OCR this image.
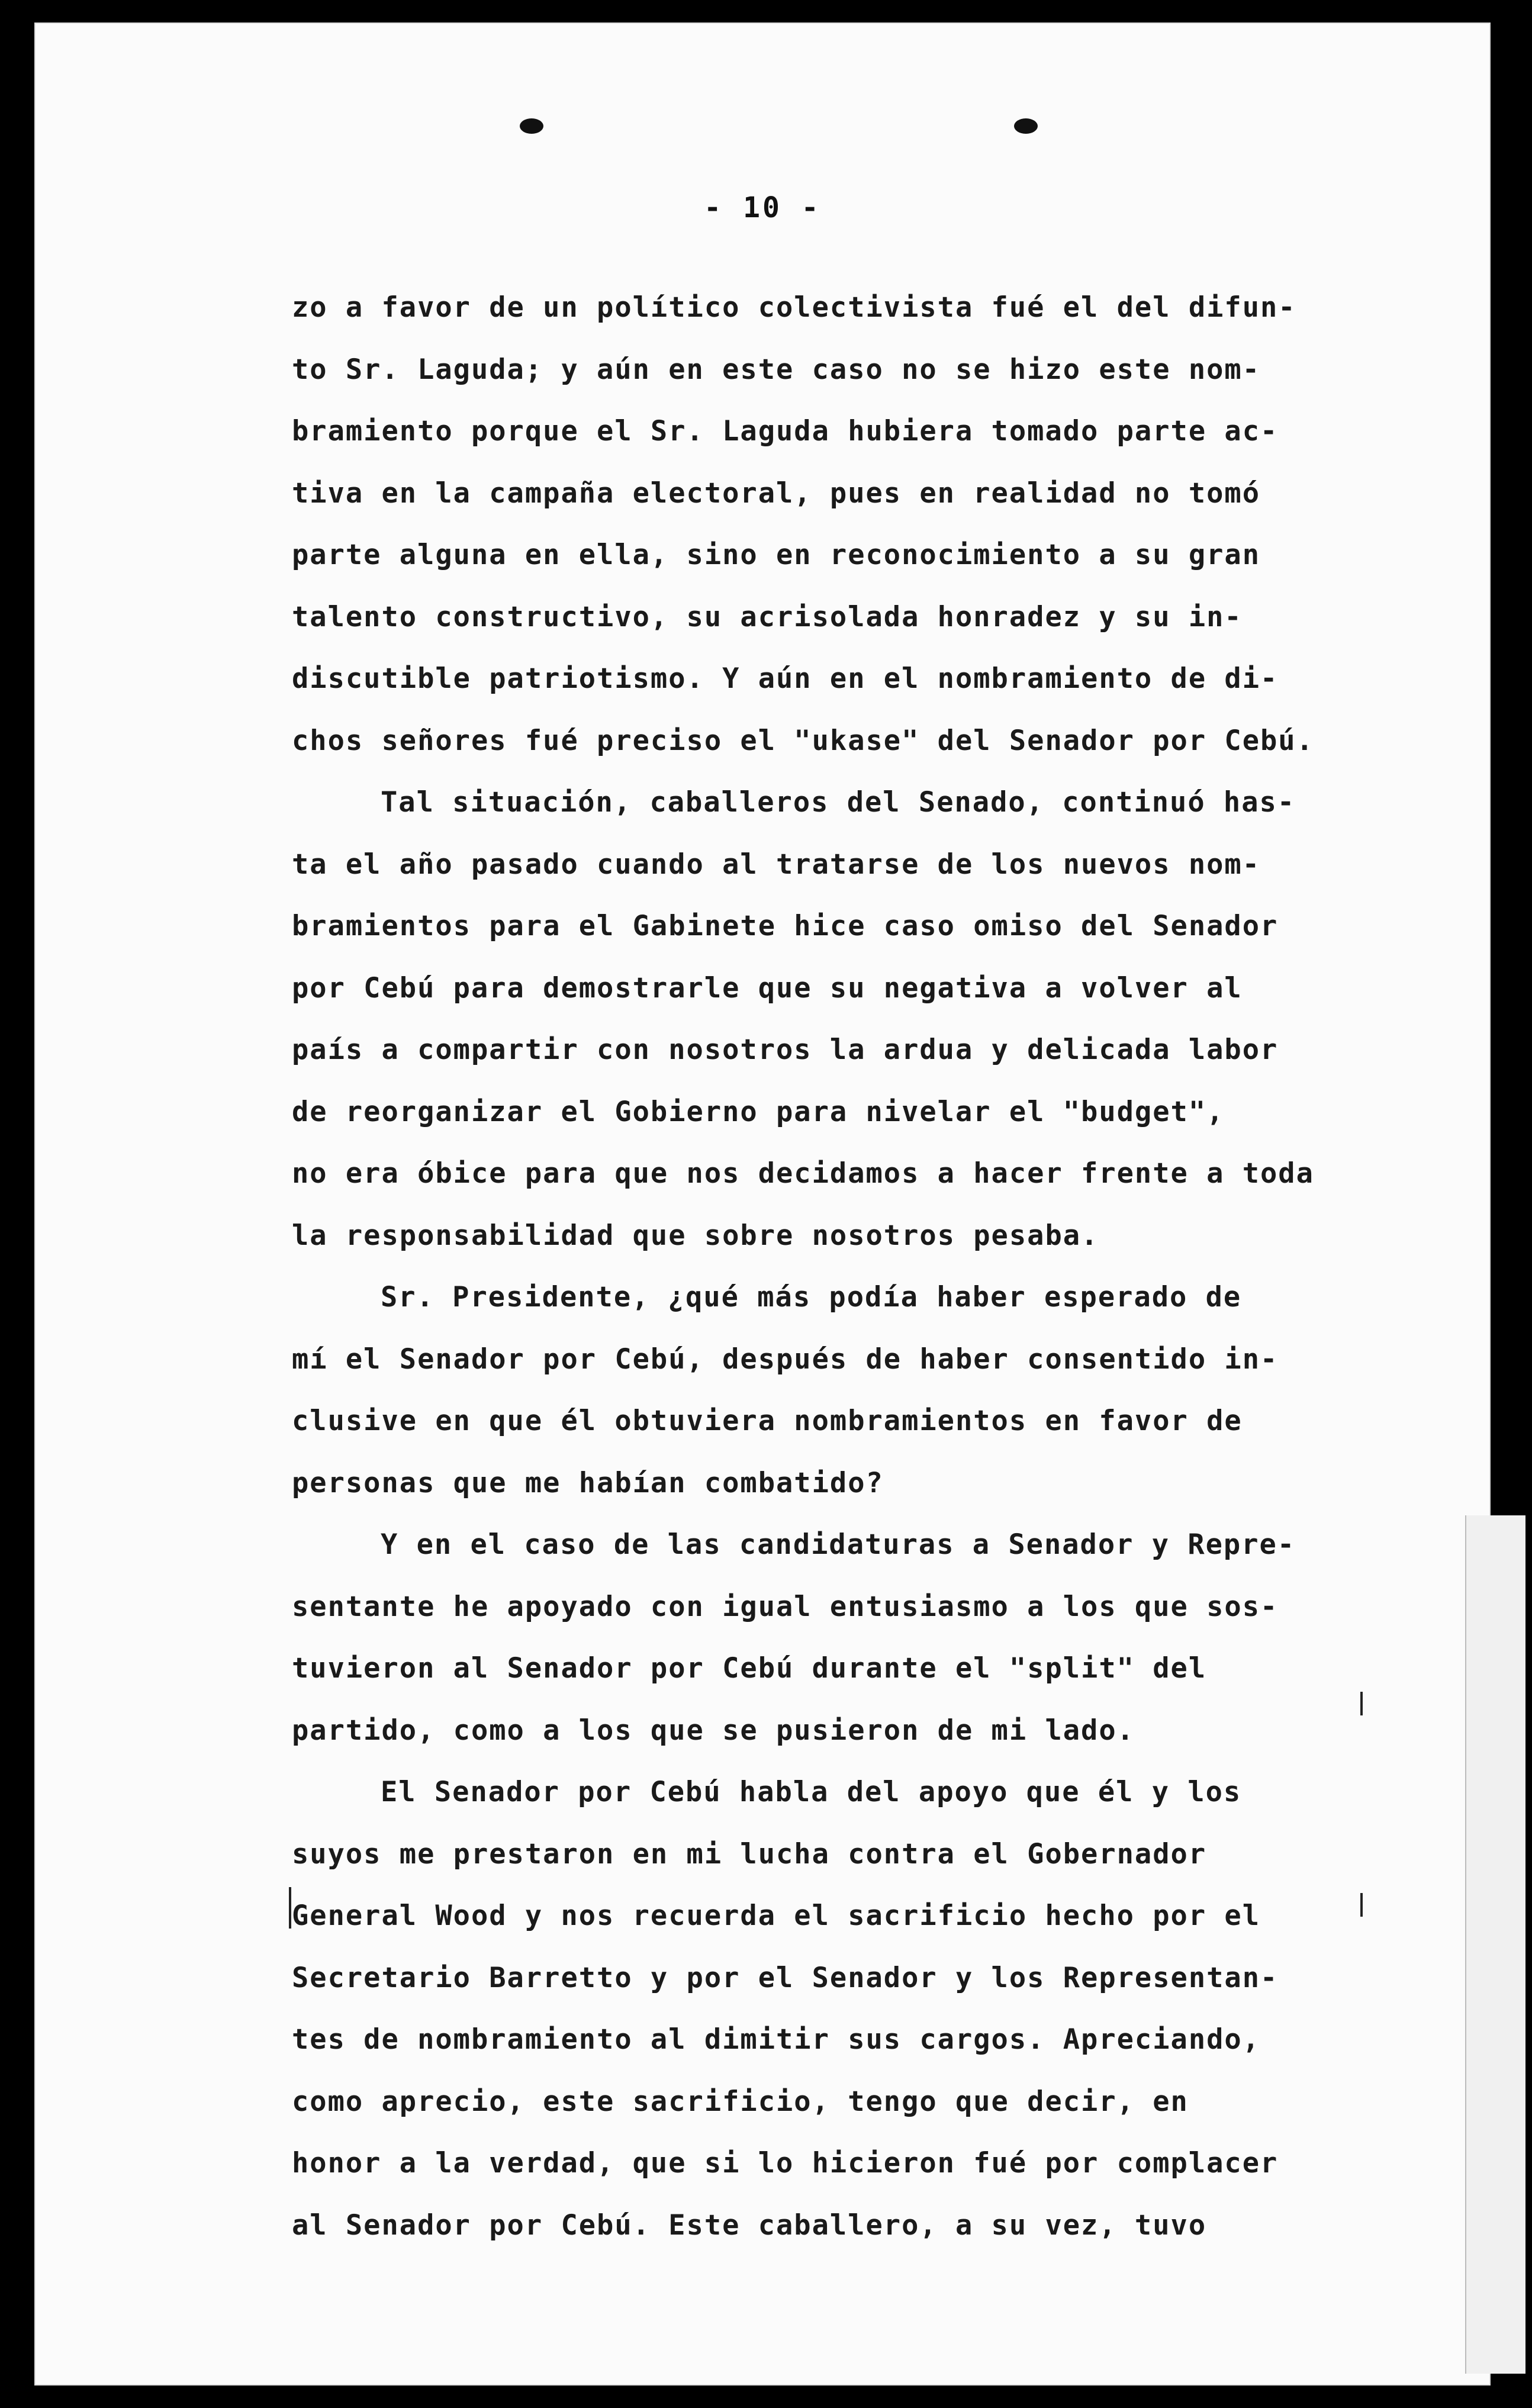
- 10 -
zo a favor de un político colectivista fué el del difun-
to Sr. Laguda; y aún en este caso no se hizo este nom-
bramiento porque el Sr. Laguda hubiera tomado parte ac-
tiva en la campaña electoral, pues en realidad no tomó
parte alguna en ella, sino en reconocimiento a su gran
talento constructivo, su acrisolada honradez y su in-
discutible patriotismo. Y aún en el nombramiento de di-
chos señores fué preciso el "ukase" del Senador por Cebú.
Tal situación, caballeros del Senado, continuó has-
ta el año pasado cuando al tratarse de los nuevos nom-
bramientos para el Gabinete hice caso omiso del Senador
por Cebú para demostrarle que su negativa a volver al
país a compartir con nosotros la ardua y delicada labor
de reorganizar el Gobierno para nivelar el "budget",
no era óbice para que nos decidamos a hacer frente a toda
la responsabilidad que sobre nosotros pesaba.
Sr. Presidente, ¿qué más podía haber esperado de
mí el Senador por Cebú, después de haber consentido in-
clusive en que él obtuviera nombramientos en favor de
personas que me habían combatido?
Y en el caso de las candidaturas a Senador y Repre-
sentante he apoyado con igual entusiasmo a los que sos-
tuvieron al Senador por Cebú durante el "split" del
partido, como a los que se pusieron de mi lado.
El Senador por Cebú habla del apoyo que él y los
suyos me prestaron en mi lucha contra el Gobernador
General Wood y nos recuerda el sacrificio hecho por el
Secretario Barretto y por el Senador y los Representan-
tes de nombramiento al dimitir sus cargos. Apreciando,
como aprecio, este sacrificio, tengo que decir, en
honor a la verdad, que si lo hicieron fué por complacer
al Senador por Cebú. Este caballero, a su vez, tuvo
